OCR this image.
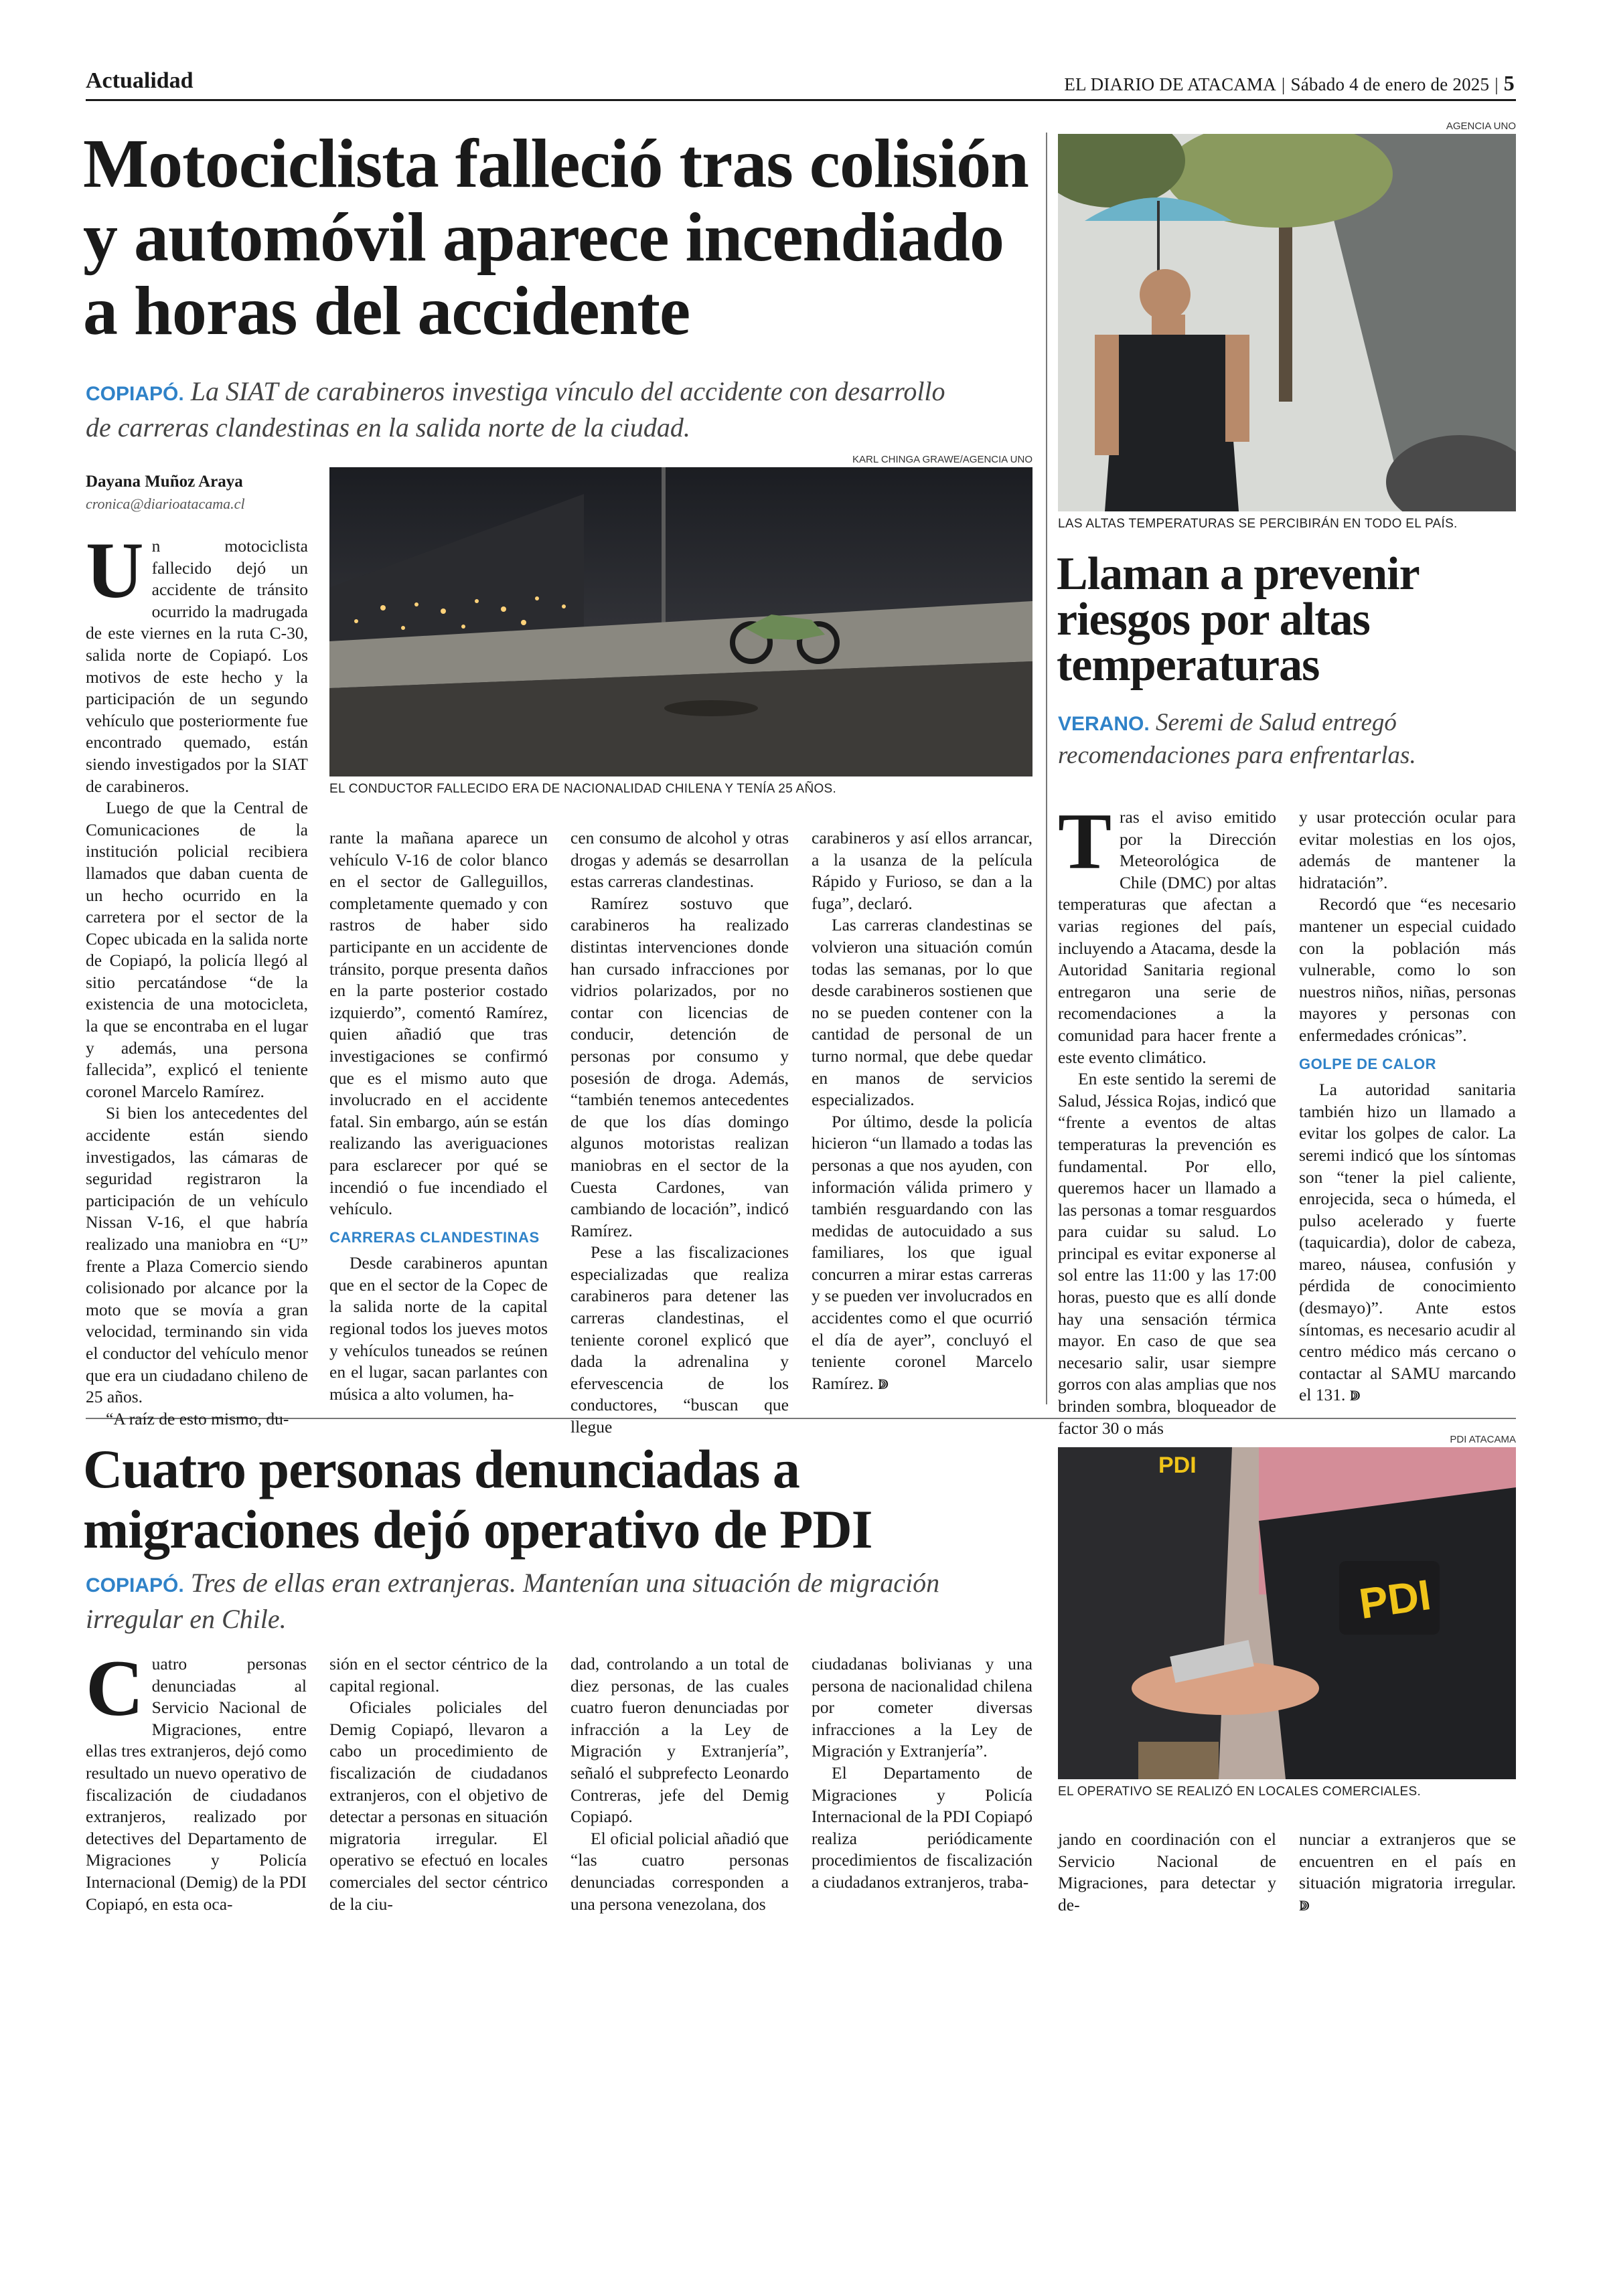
Actualidad	EL DIARIO DE ATACAMA | Sábado 4 de enero de 2025 | 5
Motociclista falleció tras colisión
y automóvil aparece incendiado
a horas del accidente
COPIAPÓ. La SIAT de carabineros investiga vínculo del accidente con desarrollo
de carreras clandestinas en la salida norte de la ciudad.
Dayana Muñoz Araya
cronica@diarioatacama.cl
KARL CHINGA GRAWE/AGENCIA UNO
EL CONDUCTOR FALLECIDO ERA DE NACIONALIDAD CHILENA Y TENÍA 25 AÑOS.

Un motociclista fallecido dejó un accidente de tránsito ocurrido la madrugada de este viernes en la ruta C-30, salida norte de Copiapó. Los motivos de este hecho y la participación de un segundo vehículo que posteriormente fue encontrado quemado, están siendo investigados por la SIAT de carabineros.

Luego de que la Central de Comunicaciones de la institución policial recibiera llamados que daban cuenta de un hecho ocurrido en la carretera por el sector de la Copec ubicada en la salida norte de Copiapó, la policía llegó al sitio percatándose “de la existencia de una motocicleta, la que se encontraba en el lugar y además, una persona fallecida”, explicó el teniente coronel Marcelo Ramírez.

Si bien los antecedentes del accidente están siendo investigados, las cámaras de seguridad registraron la participación de un vehículo Nissan V-16, el que habría realizado una maniobra en “U” frente a Plaza Comercio siendo colisionado por alcance por la moto que se movía a gran velocidad, terminando sin vida el conductor del vehículo menor que era un ciudadano chileno de 25 años.

“A raíz de esto mismo, du-

rante la mañana aparece un vehículo V-16 de color blanco en el sector de Galleguillos, completamente quemado y con rastros de haber sido participante en un accidente de tránsito, porque presenta daños en la parte posterior costado izquierdo”, comentó Ramírez, quien añadió que tras investigaciones se confirmó que es el mismo auto que involucrado en el accidente fatal. Sin embargo, aún se están realizando las averiguaciones para esclarecer por qué se incendió o fue incendiado el vehículo.

CARRERAS CLANDESTINAS

Desde carabineros apuntan que en el sector de la Copec de la salida norte de la capital regional todos los jueves motos y vehículos tuneados se reúnen en el lugar, sacan parlantes con música a alto volumen, ha-

cen consumo de alcohol y otras drogas y además se desarrollan estas carreras clandestinas.

Ramírez sostuvo que carabineros ha realizado distintas intervenciones donde han cursado infracciones por vidrios polarizados, por no contar con licencias de conducir, detención de personas por consumo y posesión de droga. Además, “también tenemos antecedentes de que los días domingo algunos motoristas realizan maniobras en el sector de la Cuesta Cardones, van cambiando de locación”, indicó Ramírez.

Pese a las fiscalizaciones especializadas que realiza carabineros para detener las carreras clandestinas, el teniente coronel explicó que dada la adrenalina y efervescencia de los conductores, “buscan que llegue

carabineros y así ellos arrancar, a la usanza de la película Rápido y Furioso, se dan a la fuga”, declaró.

Las carreras clandestinas se volvieron una situación común todas las semanas, por lo que desde carabineros sostienen que no se pueden contener con la cantidad de personal de un turno normal, que debe quedar en manos de servicios especializados.

Por último, desde la policía hicieron “un llamado a todas las personas a que nos ayuden, con información válida primero y también resguardando con las medidas de autocuidado a sus familiares, los que igual concurren a mirar estas carreras y se pueden ver involucrados en accidentes como el que ocurrió el día de ayer”, concluyó el teniente coronel Marcelo Ramírez. ↇ

AGENCIA UNO
LAS ALTAS TEMPERATURAS SE PERCIBIRÁN EN TODO EL PAÍS.
Llaman a prevenir
riesgos por altas
temperaturas
VERANO. Seremi de Salud entregó
recomendaciones para enfrentarlas.

Tras el aviso emitido por la Dirección Meteorológica de Chile (DMC) por altas temperaturas que afectan a varias regiones del país, incluyendo a Atacama, desde la Autoridad Sanitaria regional entregaron una serie de recomendaciones a la comunidad para hacer frente a este evento climático.

En este sentido la seremi de Salud, Jéssica Rojas, indicó que “frente a eventos de altas temperaturas la prevención es fundamental. Por ello, queremos hacer un llamado a las personas a tomar resguardos para cuidar su salud. Lo principal es evitar exponerse al sol entre las 11:00 y las 17:00 horas, puesto que es allí donde hay una sensación térmica mayor. En caso de que sea necesario salir, usar siempre gorros con alas amplias que nos brinden sombra, bloqueador de factor 30 o más

y usar protección ocular para evitar molestias en los ojos, además de mantener la hidratación”.

Recordó que “es necesario mantener un especial cuidado con la población más vulnerable, como lo son nuestros niños, niñas, personas mayores y personas con enfermedades crónicas”.

GOLPE DE CALOR

La autoridad sanitaria también hizo un llamado a evitar los golpes de calor. La seremi indicó que los síntomas son “tener la piel caliente, enrojecida, seca o húmeda, el pulso acelerado y fuerte (taquicardia), dolor de cabeza, mareo, náusea, confusión y pérdida de conocimiento (desmayo)”. Ante estos síntomas, es necesario acudir al centro médico más cercano o contactar al SAMU marcando el 131. ↇ

Cuatro personas denunciadas a
migraciones dejó operativo de PDI
COPIAPÓ. Tres de ellas eran extranjeras. Mantenían una situación de migración
irregular en Chile.
PDI ATACAMA
PDI
PDI
EL OPERATIVO SE REALIZÓ EN LOCALES COMERCIALES.

Cuatro personas denunciadas al Servicio Nacional de Migraciones, entre ellas tres extranjeros, dejó como resultado un nuevo operativo de fiscalización de ciudadanos extranjeros, realizado por detectives del Departamento de Migraciones y Policía Internacional (Demig) de la PDI Copiapó, en esta oca-

sión en el sector céntrico de la capital regional.

Oficiales policiales del Demig Copiapó, llevaron a cabo un procedimiento de fiscalización de ciudadanos extranjeros, con el objetivo de detectar a personas en situación migratoria irregular. El operativo se efectuó en locales comerciales del sector céntrico de la ciu-

dad, controlando a un total de diez personas, de las cuales cuatro fueron denunciadas por infracción a la Ley de Migración y Extranjería”, señaló el subprefecto Leonardo Contreras, jefe del Demig Copiapó.

El oficial policial añadió que “las cuatro personas denunciadas corresponden a una persona venezolana, dos

ciudadanas bolivianas y una persona de nacionalidad chilena por cometer diversas infracciones a la Ley de Migración y Extranjería”.

El Departamento de Migraciones y Policía Internacional de la PDI Copiapó realiza periódicamente procedimientos de fiscalización a ciudadanos extranjeros, traba-

jando en coordinación con el Servicio Nacional de Migraciones, para detectar y de-

nunciar a extranjeros que se encuentren en el país en situación migratoria irregular. ↇ
